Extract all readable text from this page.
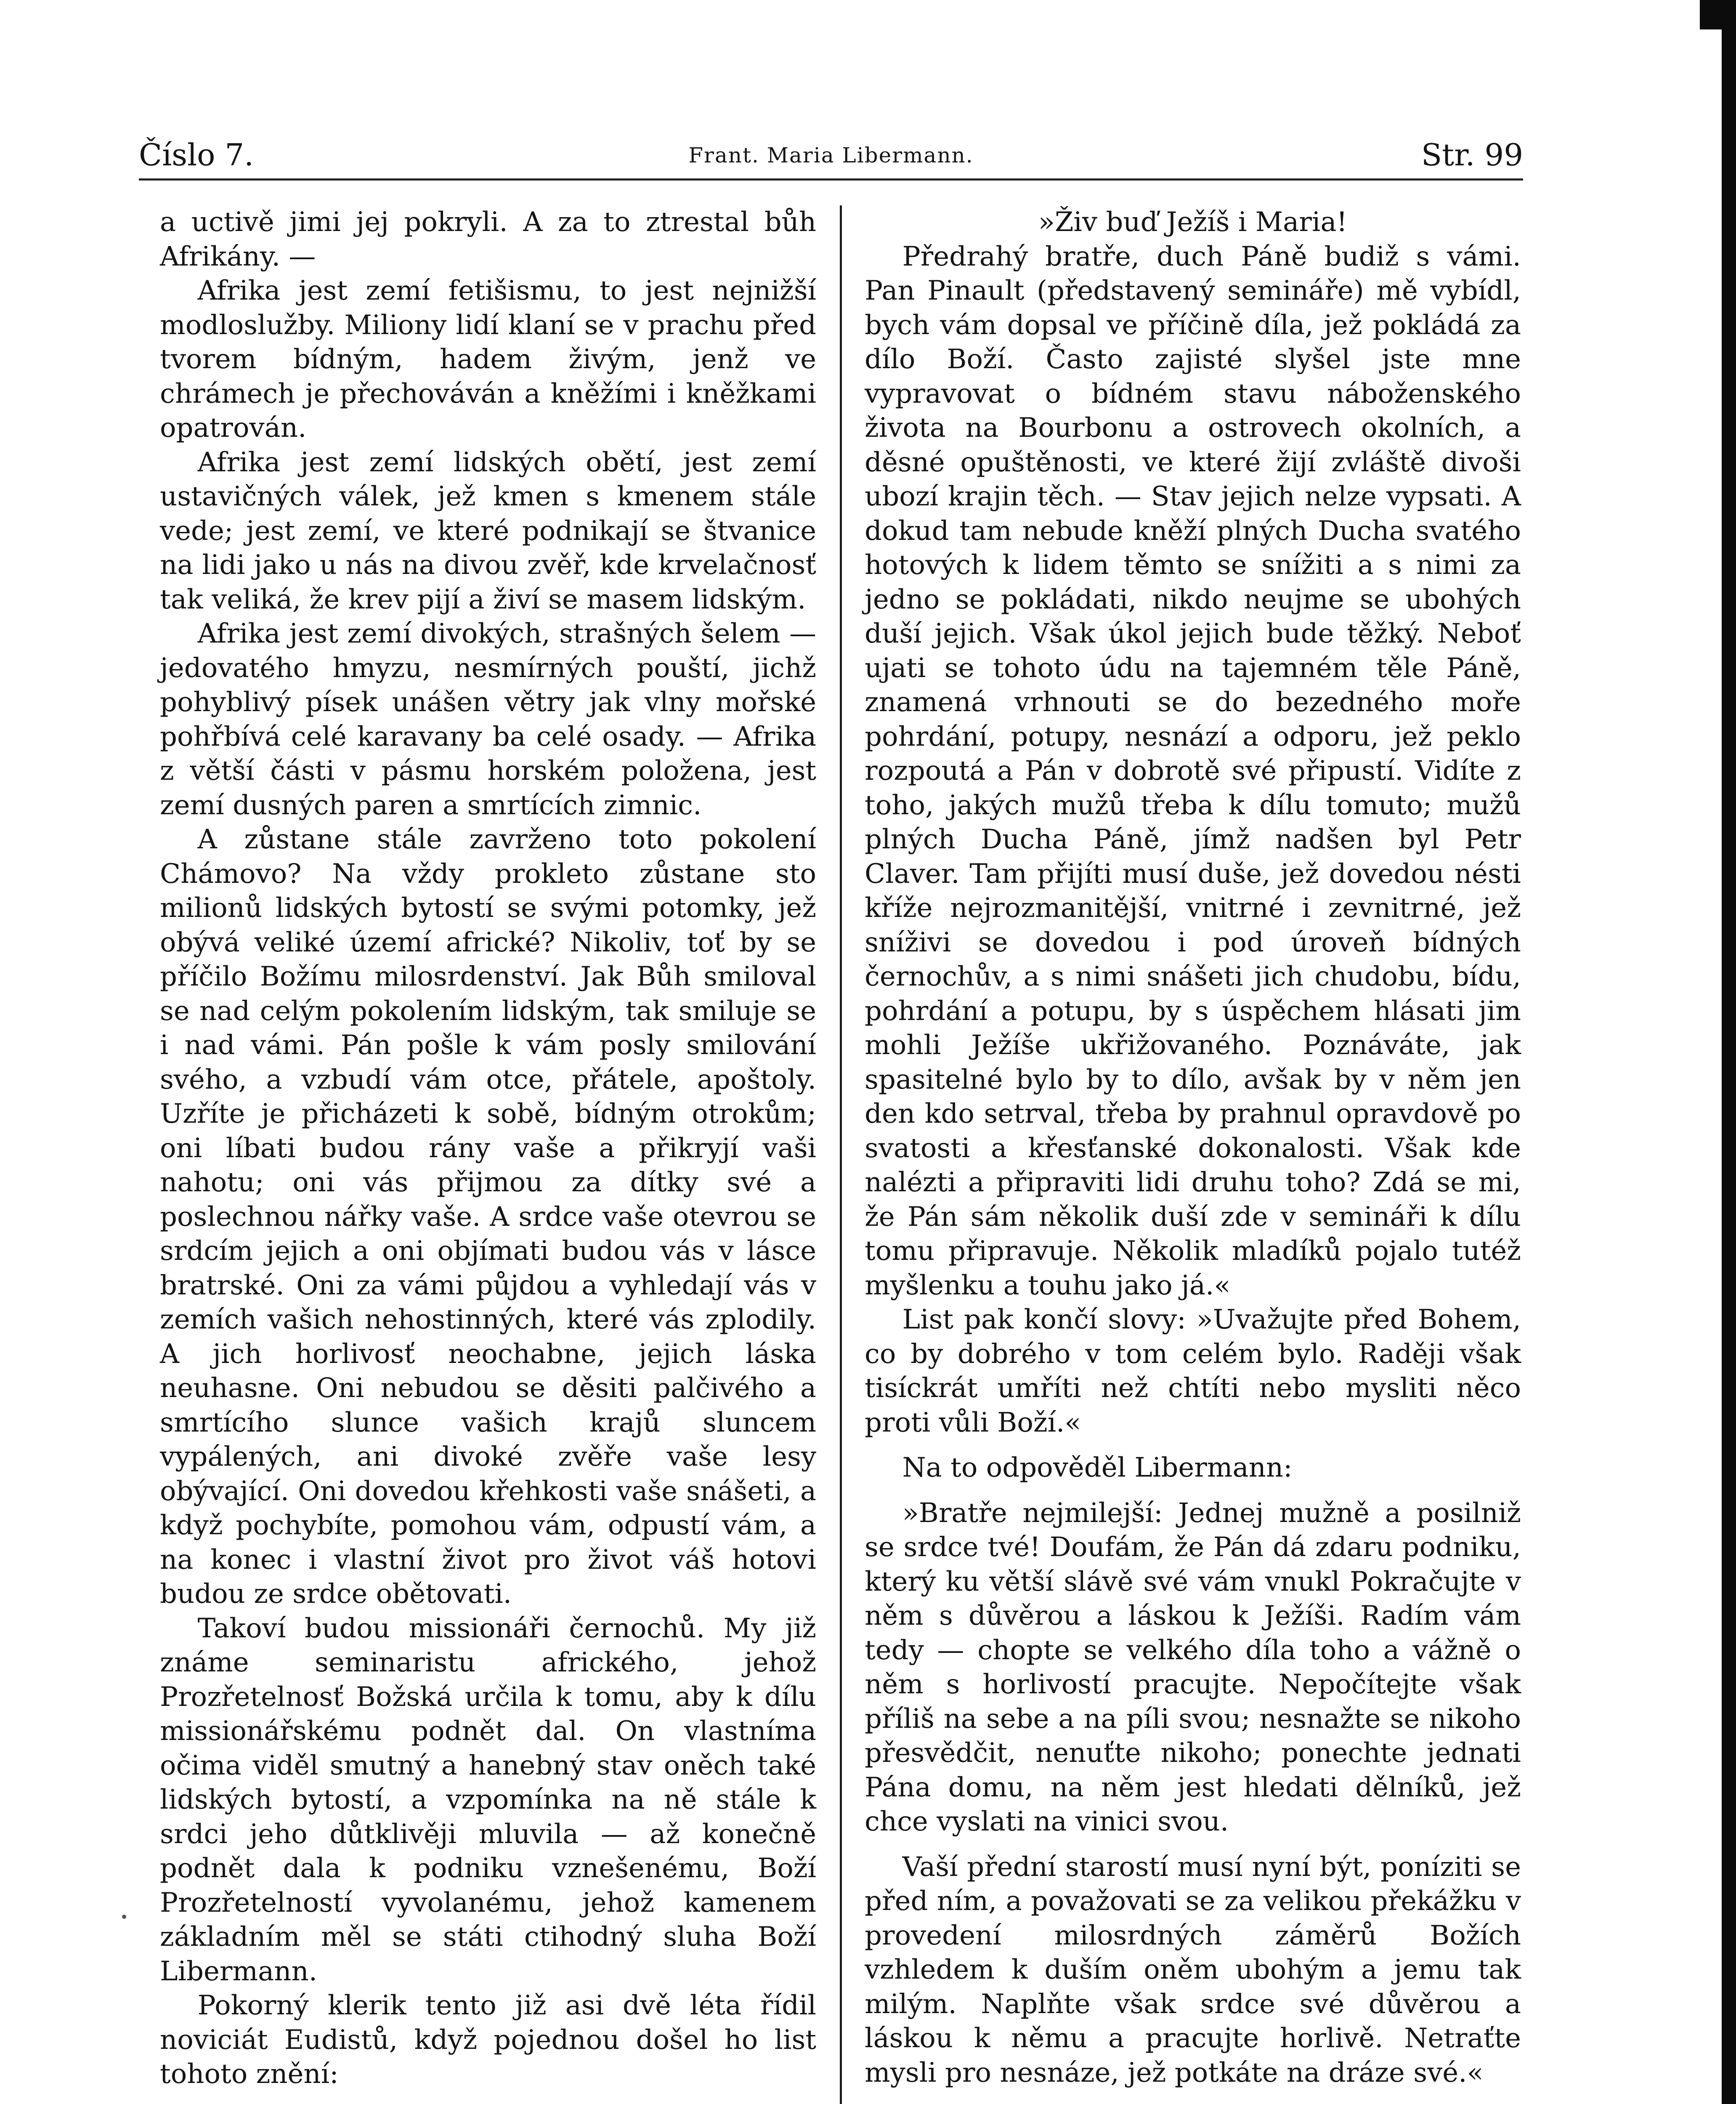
Číslo 7.	Frant. Maria Libermann.	Str. 99

a uctivě jimi jej pokryli. A za to ztrestal bůh Afrikány. —

Afrika jest zemí fetišismu, to jest nejnižší modloslužby. Miliony lidí klaní se v prachu před tvorem bídným, hadem živým, jenž ve chrámech je přechováván a kněžími i kněžkami opatrován.

Afrika jest zemí lidských obětí, jest zemí ustavičných válek, jež kmen s kmenem stále vede; jest zemí, ve které podnikají se štvanice na lidi jako u nás na divou zvěř, kde krvelačnosť tak veliká, že krev pijí a živí se masem lidským.

Afrika jest zemí divokých, strašných šelem — jedovatého hmyzu, nesmírných pouští, jichž pohyblivý písek unášen větry jak vlny mořské pohřbívá celé karavany ba celé osady. — Afrika z větší části v pásmu horském položena, jest zemí dusných paren a smrtících zimnic.

A zůstane stále zavrženo toto pokolení Chámovo? Na vždy prokleto zůstane sto milionů lidských bytostí se svými potomky, jež obývá veliké území africké? Nikoliv, toť by se příčilo Božímu milosrdenství. Jak Bůh smiloval se nad celým pokolením lidským, tak smiluje se i nad vámi. Pán pošle k vám posly smilování svého, a vzbudí vám otce, přátele, apoštoly. Uzříte je přicházeti k sobě, bídným otrokům; oni líbati budou rány vaše a přikryjí vaši nahotu; oni vás přijmou za dítky své a poslechnou nářky vaše. A srdce vaše otevrou se srdcím jejich a oni objímati budou vás v lásce bratrské. Oni za vámi půjdou a vyhledají vás v zemích vašich nehostinných, které vás zplodily. A jich horlivosť neochabne, jejich láska neuhasne. Oni nebudou se děsiti palčivého a smrtícího slunce vašich krajů sluncem vypálených, ani divoké zvěře vaše lesy obývající. Oni dovedou křehkosti vaše snášeti, a když pochybíte, pomohou vám, odpustí vám, a na konec i vlastní život pro život váš hotovi budou ze srdce obětovati.

Takoví budou missionáři černochů. My již známe seminaristu afrického, jehož Prozřetelnosť Božská určila k tomu, aby k dílu missionářskému podnět dal. On vlastníma očima viděl smutný a hanebný stav oněch také lidských bytostí, a vzpomínka na ně stále k srdci jeho důtklivěji mluvila — až konečně podnět dala k podniku vznešenému, Boží Prozřetelností vyvolanému, jehož kamenem základním měl se státi ctihodný sluha Boží Libermann.

Pokorný klerik tento již asi dvě léta řídil noviciát Eudistů, když pojednou došel ho list tohoto znění:

»Živ buď Ježíš i Maria!

Předrahý bratře, duch Páně budiž s vámi. Pan Pinault (představený semináře) mě vybídl, bych vám dopsal ve příčině díla, jež pokládá za dílo Boží. Často zajisté slyšel jste mne vypravovat o bídném stavu náboženského života na Bourbonu a ostrovech okolních, a děsné opuštěnosti, ve které žijí zvláště divoši ubozí krajin těch. — Stav jejich nelze vypsati. A dokud tam nebude kněží plných Ducha svatého hotových k lidem těmto se snížiti a s nimi za jedno se pokládati, nikdo neujme se ubohých duší jejich. Však úkol jejich bude těžký. Neboť ujati se tohoto údu na tajemném těle Páně, znamená vrhnouti se do bezedného moře pohrdání, potupy, nesnází a odporu, jež peklo rozpoutá a Pán v dobrotě své připustí. Vidíte z toho, jakých mužů třeba k dílu tomuto; mužů plných Ducha Páně, jímž nadšen byl Petr Claver. Tam přijíti musí duše, jež dovedou nésti kříže nejrozmanitější, vnitrné i zevnitrné, jež sníživi se dovedou i pod úroveň bídných černochův, a s nimi snášeti jich chudobu, bídu, pohrdání a potupu, by s úspěchem hlásati jim mohli Ježíše ukřižovaného. Poznáváte, jak spasitelné bylo by to dílo, avšak by v něm jen den kdo setrval, třeba by prahnul opravdově po svatosti a křesťanské dokonalosti. Však kde nalézti a připraviti lidi druhu toho? Zdá se mi, že Pán sám několik duší zde v semináři k dílu tomu připravuje. Několik mladíků pojalo tutéž myšlenku a touhu jako já.«

List pak končí slovy: »Uvažujte před Bohem, co by dobrého v tom celém bylo. Raději však tisíckrát umříti než chtíti nebo mysliti něco proti vůli Boží.«

Na to odpověděl Libermann:

»Bratře nejmilejší: Jednej mužně a posilniž se srdce tvé! Doufám, že Pán dá zdaru podniku, který ku větší slávě své vám vnukl Pokračujte v něm s důvěrou a láskou k Ježíši. Radím vám tedy — chopte se velkého díla toho a vážně o něm s horlivostí pracujte. Nepočítejte však příliš na sebe a na píli svou; nesnažte se nikoho přesvědčit, nenuťte nikoho; ponechte jednati Pána domu, na něm jest hledati dělníků, jež chce vyslati na vinici svou.

Vaší přední starostí musí nyní být, poníziti se před ním, a považovati se za velikou překážku v provedení milosrdných záměrů Božích vzhledem k duším oněm ubohým a jemu tak milým. Naplňte však srdce své důvěrou a láskou k němu a pracujte horlivě. Netraťte mysli pro nesnáze, jež potkáte na dráze své.«
